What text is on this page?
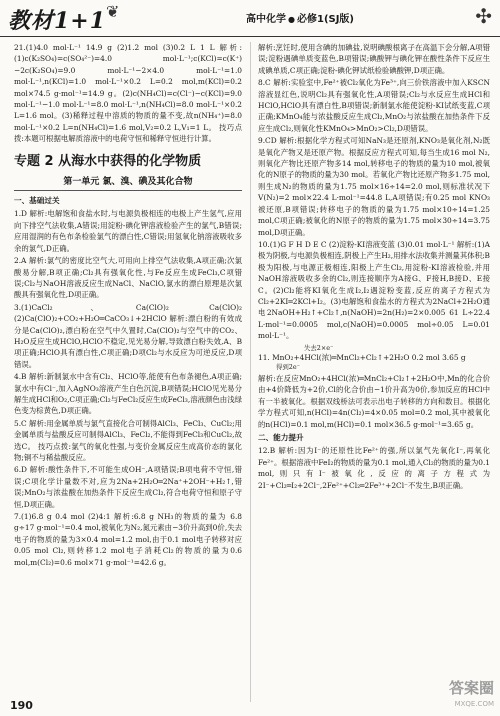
教材1+1 ❦	高中化学 ● 必修1(SJ版)	✣

21.(1)4.0 mol·L⁻¹ 14.9 g (2)1.2 mol (3)0.2 L 1 L 解析:(1)c(K₂SO₄)=c(SO₄²⁻)=4.0 mol·L⁻¹;c(KCl)=c(K⁺)−2c(K₂SO₄)=9.0 mol·L⁻¹−2×4.0 mol·L⁻¹=1.0 mol·L⁻¹,n(KCl)=1.0 mol·L⁻¹×0.2 L=0.2 mol,m(KCl)=0.2 mol×74.5 g·mol⁻¹=14.9 g。(2)c(NH₄Cl)=c(Cl⁻)−c(KCl)=9.0 mol·L⁻¹−1.0 mol·L⁻¹=8.0 mol·L⁻¹,n(NH₄Cl)=8.0 mol·L⁻¹×0.2 L=1.6 mol。(3)稀释过程中溶质的物质的量不变,故n(NH₄⁺)=8.0 mol·L⁻¹×0.2 L=n(NH₄Cl)=1.6 mol,V₂=0.2 L,V₁=1 L。 技巧点拨:本题可根据电解质溶液中的电荷守恒和稀释守恒进行计算。

专题 2 从海水中获得的化学物质
第一单元 氯、溴、碘及其化合物
一、基础过关

1.D 解析:电解饱和食盐水时,与电源负极相连的电极上产生氢气,应用向下排空气法收集,A错误;用淀粉-碘化钾溶液检验产生的氯气,B错误;应用湿润的有色布条检验氯气的漂白性,C错误;用氢氧化钠溶液吸收多余的氯气,D正确。

2.A 解析:氯气的密度比空气大,可用向上排空气法收集,A项正确;次氯酸易分解,B项正确;Cl₂具有强氧化性,与Fe反应生成FeCl₃,C项错误;Cl₂与NaOH溶液反应生成NaCl、NaClO,氯水的漂白原理是次氯酸具有强氧化性,D项正确。

3.(1)CaCl₂、Ca(ClO)₂ Ca(ClO)₂ (2)Ca(ClO)₂+CO₂+H₂O═CaCO₃↓+2HClO 解析:漂白粉的有效成分是Ca(ClO)₂,漂白粉在空气中久置时,Ca(ClO)₂与空气中的CO₂、H₂O反应生成HClO,HClO不稳定,见光易分解,导致漂白粉失效,A、B项正确;HClO具有漂白性,C项正确;D项Cl₂与水反应为可逆反应,D项错误。

4.B 解析:新制氯水中含有Cl₂、HClO等,能使有色布条褪色,A项正确;氯水中有Cl⁻,加入AgNO₃溶液产生白色沉淀,B项错误;HClO见光易分解生成HCl和O₂,C项正确;Cl₂与FeCl₂反应生成FeCl₃,溶液颜色由浅绿色变为棕黄色,D项正确。

5.C 解析:用金属单质与氯气直接化合可制得AlCl₃、FeCl₃、CuCl₂;用金属单质与盐酸反应可制得AlCl₃、FeCl₂,不能得到FeCl₃和CuCl₂,故选C。 技巧点拨:氯气的氧化性强,与变价金属反应生成高价态的氯化物;铜不与稀盐酸反应。

6.D 解析:酸性条件下,不可能生成OH⁻,A项错误;B项电荷不守恒,错误;C项化学计量数不对,应为2Na+2H₂O═2Na⁺+2OH⁻+H₂↑,错误;MnO₂与浓盐酸在加热条件下反应生成Cl₂,符合电荷守恒和原子守恒,D项正确。

7.(1)6.8 g 0.4 mol (2)4:1 解析:6.8 g NH₃的物质的量为 6.8 g÷17 g·mol⁻¹=0.4 mol,被氧化为N₂,氮元素由−3价升高到0价,失去电子的物质的量为3×0.4 mol=1.2 mol,由于0.1 mol电子转移对应0.05 mol Cl₂,则转移1.2 mol电子消耗Cl₂的物质的量为0.6 mol,m(Cl₂)=0.6 mol×71 g·mol⁻¹=42.6 g。

解析:烹饪时,使用含碘的加碘盐,说明碘酸根离子在高温下会分解,A项错误;淀粉遇碘单质变蓝色,B项错误;碘酸钾与碘化钾在酸性条件下反应生成碘单质,C项正确;淀粉-碘化钾试纸检验碘酸钾,D项正确。

8.C 解析:实验室中,Fe²⁺被Cl₂氧化为Fe³⁺,向三价铁溶液中加入KSCN溶液显红色,说明Cl₂具有强氧化性,A项错误;Cl₂与水反应生成HCl和HClO,HClO具有漂白性,B项错误;新制氯水能使淀粉-KI试纸变蓝,C项正确;KMnO₄能与浓盐酸反应生成Cl₂,MnO₂与浓盐酸在加热条件下反应生成Cl₂,则氧化性KMnO₄>MnO₂>Cl₂,D项错误。

9.CD 解析:根据化学方程式可知NaN₃是还原剂,KNO₃是氧化剂,N₂既是氧化产物又是还原产物。根据反应方程式可知,每当生成16 mol N₂,则氧化产物比还原产物多14 mol,转移电子的物质的量为10 mol,被氧化的N原子的物质的量为30 mol。若氧化产物比还原产物多1.75 mol,则生成N₂的物质的量为1.75 mol×16÷14=2.0 mol,则标准状况下V(N₂)=2 mol×22.4 L·mol⁻¹=44.8 L,A项错误;有0.25 mol KNO₃被还原,B项错误;转移电子的物质的量为1.75 mol×10÷14=1.25 mol,C项正确;被氧化的N原子的物质的量为1.75 mol×30÷14=3.75 mol,D项正确。

10.(1)G F H D E C (2)淀粉-KI溶液变蓝 (3)0.01 mol·L⁻¹ 解析:(1)A极为阴极,与电源负极相连,阴极上产生H₂,用排水法收集并测量其体积;B极为阳极,与电源正极相连,阳极上产生Cl₂,用淀粉-KI溶液检验,并用NaOH溶液吸收多余的Cl₂,则连接顺序为A接G、F接H,B接D、E接C。(2)Cl₂能将KI氧化生成I₂,I₂遇淀粉变蓝,反应的离子方程式为Cl₂+2KI═2KCl+I₂。(3)电解饱和食盐水的方程式为2NaCl+2H₂O通电2NaOH+H₂↑+Cl₂↑,n(NaOH)=2n(H₂)=2×0.005 61 L÷22.4 L·mol⁻¹=0.0005 mol,c(NaOH)=0.0005 mol÷0.05 L=0.01 mol·L⁻¹。

失去2×e⁻
11. MnO₂+4HCl(浓)═MnCl₂+Cl₂↑+2H₂O 0.2 mol 3.65 g
得到2e⁻

解析:在反应MnO₂+4HCl(浓)═MnCl₂+Cl₂↑+2H₂O中,Mn的化合价由+4价降低为+2价,Cl的化合价由−1价升高为0价,参加反应的HCl中有一半被氧化。根据双线桥法可表示出电子转移的方向和数目。根据化学方程式可知,n(HCl)=4n(Cl₂)=4×0.05 mol=0.2 mol,其中被氧化的n(HCl)=0.1 mol,m(HCl)=0.1 mol×36.5 g·mol⁻¹=3.65 g。

二、能力提升

12.B 解析:因为I⁻的还原性比Fe²⁺的强,所以氯气先氧化I⁻,再氧化Fe²⁺。根据溶液中FeI₂的物质的量为0.1 mol,通入Cl₂的物质的量为0.1 mol,则只有I⁻被氧化,反应的离子方程式为2I⁻+Cl₂═I₂+2Cl⁻,2Fe²⁺+Cl₂═2Fe³⁺+2Cl⁻不发生,B项正确。

190
答案圈
MXQE.COM
